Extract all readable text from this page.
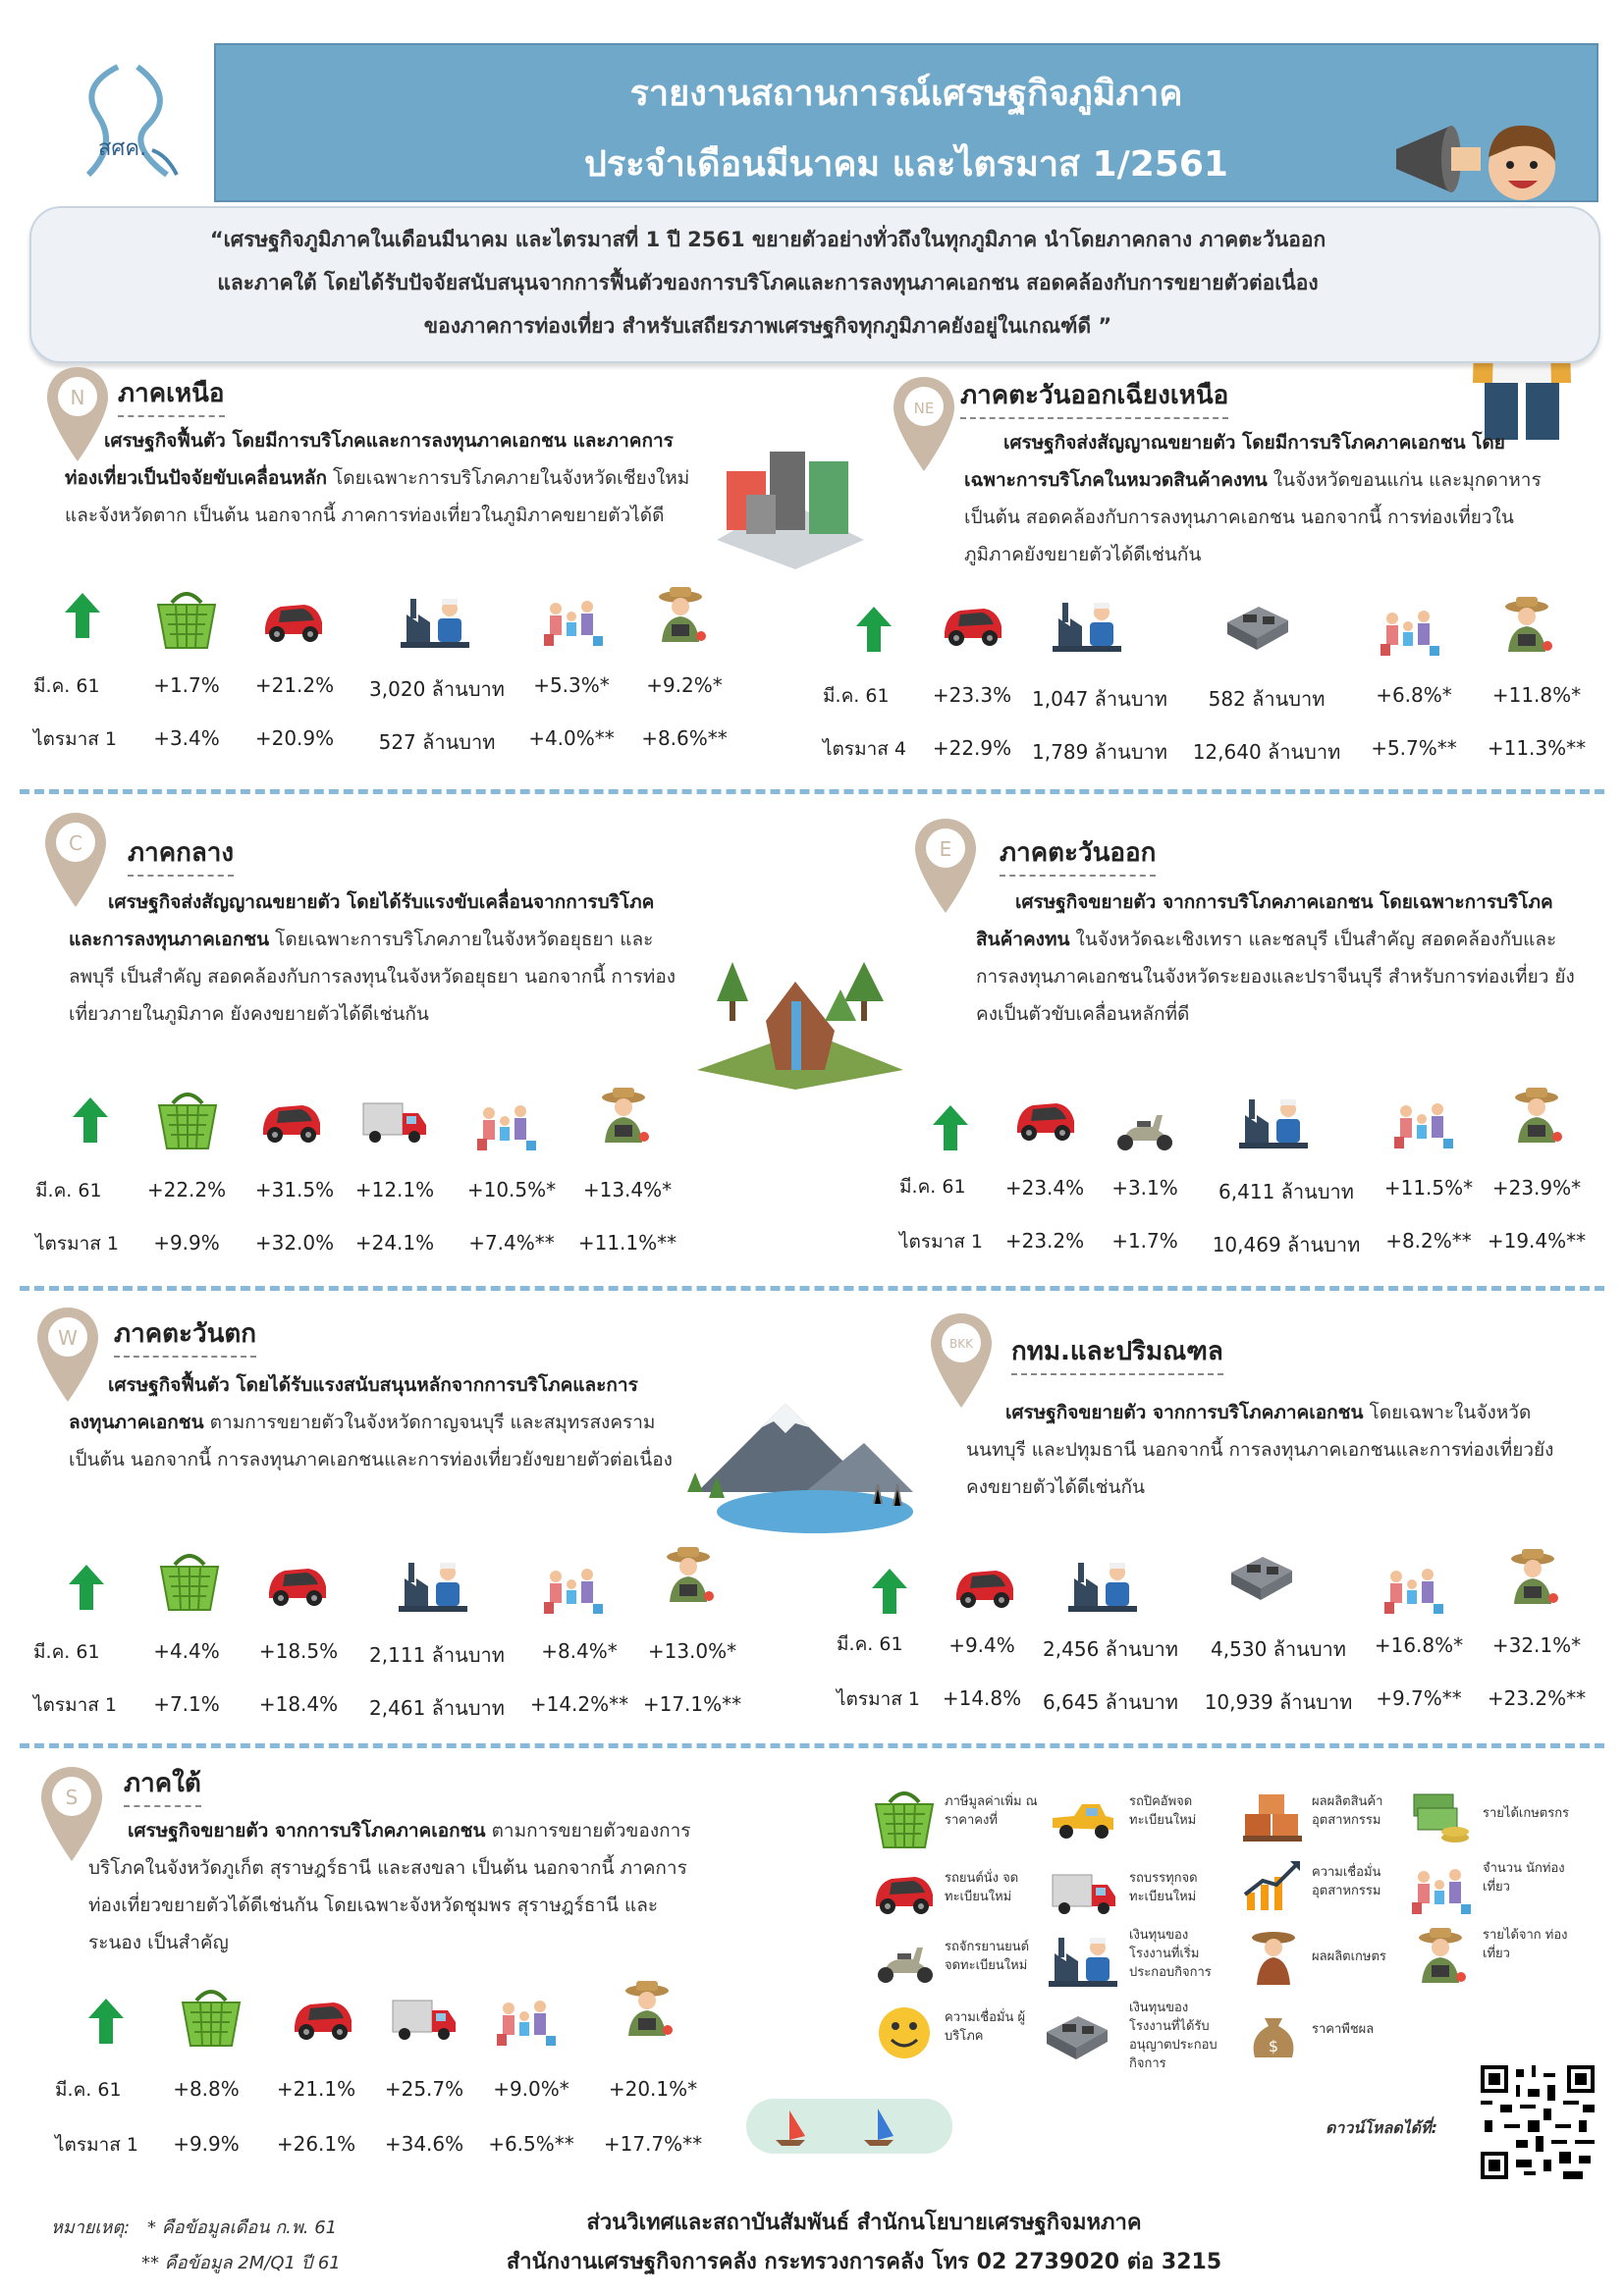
สศค.
รายงานสถานการณ์เศรษฐกิจภูมิภาค
ประจำเดือนมีนาคม และไตรมาส 1/2561
“เศรษฐกิจภูมิภาคในเดือนมีนาคม และไตรมาสที่ 1 ปี 2561 ขยายตัวอย่างทั่วถึงในทุกภูมิภาค นำโดยภาคกลาง ภาคตะวันออก
และภาคใต้ โดยได้รับปัจจัยสนับสนุนจากการฟื้นตัวของการบริโภคและการลงทุนภาคเอกชน สอดคล้องกับการขยายตัวต่อเนื่อง
ของภาคการท่องเที่ยว สำหรับเสถียรภาพเศรษฐกิจทุกภูมิภาคยังอยู่ในเกณฑ์ดี ”
N ภาคเหนือ
เศรษฐกิจฟื้นตัว โดยมีการบริโภคและการลงทุนภาคเอกชน และภาคการท่องเที่ยวเป็นปัจจัยขับเคลื่อนหลัก โดยเฉพาะการบริโภคภายในจังหวัดเชียงใหม่ และจังหวัดตาก เป็นต้น นอกจากนี้ ภาคการท่องเที่ยวในภูมิภาคขยายตัวได้ดี
มี.ค. 61
ไตรมาส 1
+1.7%	+21.2%	3,020 ล้านบาท	+5.3%*	+9.2%*
+3.4%	+20.9%	527 ล้านบาท	+4.0%**	+8.6%**
NE ภาคตะวันออกเฉียงเหนือ
เศรษฐกิจส่งสัญญาณขยายตัว โดยมีการบริโภคภาคเอกชน โดยเฉพาะการบริโภคในหมวดสินค้าคงทน ในจังหวัดขอนแก่น และมุกดาหาร เป็นต้น สอดคล้องกับการลงทุนภาคเอกชน นอกจากนี้ การท่องเที่ยวในภูมิภาคยังขยายตัวได้ดีเช่นกัน
มี.ค. 61
ไตรมาส 4
+23.3%	1,047 ล้านบาท	582 ล้านบาท	+6.8%*	+11.8%*
+22.9%	1,789 ล้านบาท	12,640 ล้านบาท	+5.7%**	+11.3%**
C ภาคกลาง
เศรษฐกิจส่งสัญญาณขยายตัว โดยได้รับแรงขับเคลื่อนจากการบริโภคและการลงทุนภาคเอกชน โดยเฉพาะการบริโภคภายในจังหวัดอยุธยา และลพบุรี เป็นสำคัญ สอดคล้องกับการลงทุนในจังหวัดอยุธยา นอกจากนี้ การท่องเที่ยวภายในภูมิภาค ยังคงขยายตัวได้ดีเช่นกัน
มี.ค. 61
ไตรมาส 1
+22.2%	+31.5%	+12.1%	+10.5%*	+13.4%*
+9.9%	+32.0%	+24.1%	+7.4%**	+11.1%**
E ภาคตะวันออก
เศรษฐกิจขยายตัว จากการบริโภคภาคเอกชน โดยเฉพาะการบริโภคสินค้าคงทน ในจังหวัดฉะเชิงเทรา และชลบุรี เป็นสำคัญ สอดคล้องกับและการลงทุนภาคเอกชนในจังหวัดระยองและปราจีนบุรี สำหรับการท่องเที่ยว ยังคงเป็นตัวขับเคลื่อนหลักที่ดี
มี.ค. 61
ไตรมาส 1
+23.4%	+3.1%	6,411 ล้านบาท	+11.5%* +23.9%*
+23.2%	+1.7%	10,469 ล้านบาท	+8.2%** +19.4%**
W ภาคตะวันตก
เศรษฐกิจฟื้นตัว โดยได้รับแรงสนับสนุนหลักจากการบริโภคและการลงทุนภาคเอกชน ตามการขยายตัวในจังหวัดกาญจนบุรี และสมุทรสงคราม เป็นต้น นอกจากนี้ การลงทุนภาคเอกชนและการท่องเที่ยวยังขยายตัวต่อเนื่อง
มี.ค. 61
ไตรมาส 1
+4.4%	+18.5%	2,111 ล้านบาท	+8.4%*	+13.0%*
+7.1%	+18.4%	2,461 ล้านบาท	+14.2%** +17.1%**
BKK กทม.และปริมณฑล
เศรษฐกิจขยายตัว จากการบริโภคภาคเอกชน โดยเฉพาะในจังหวัดนนทบุรี และปทุมธานี นอกจากนี้ การลงทุนภาคเอกชนและการท่องเที่ยวยังคงขยายตัวได้ดีเช่นกัน
มี.ค. 61
ไตรมาส 1
+9.4%	2,456 ล้านบาท	4,530 ล้านบาท	+16.8%*	+32.1%*
+14.8%	6,645 ล้านบาท	10,939 ล้านบาท	+9.7%**	+23.2%**
S ภาคใต้
เศรษฐกิจขยายตัว จากการบริโภคภาคเอกชน ตามการขยายตัวของการบริโภคในจังหวัดภูเก็ต สุราษฎร์ธานี และสงขลา เป็นต้น นอกจากนี้ ภาคการท่องเที่ยวขยายตัวได้ดีเช่นกัน โดยเฉพาะจังหวัดชุมพร สุราษฎร์ธานี และระนอง เป็นสำคัญ
มี.ค. 61
ไตรมาส 1
+8.8%	+21.1%	+25.7%	+9.0%*	+20.1%*
+9.9%	+26.1%	+34.6%	+6.5%**	+17.7%**
ภาษีมูลค่าเพิ่ม ณ ราคาคงที่
รถยนต์นั่ง จดทะเบียนใหม่
รถจักรยานยนต์ จดทะเบียนใหม่
ความเชื่อมั่น ผู้บริโภค
รถปิคอัพจด ทะเบียนใหม่
รถบรรทุกจด ทะเบียนใหม่
เงินทุนของ โรงงานที่เริ่ม ประกอบกิจการ
เงินทุนของ โรงงานที่ได้รับ อนุญาตประกอบ กิจการ
ผลผลิตสินค้า อุตสาหกรรม
ความเชื่อมั่น อุตสาหกรรม
ผลผลิตเกษตร
ราคาพืชผล
รายได้เกษตรกร
จำนวน นักท่องเที่ยว
รายได้จาก ท่องเที่ยว
ดาวน์โหลดได้ที่:
หมายเหตุ: * คือข้อมูลเดือน ก.พ. 61
** คือข้อมูล 2M/Q1 ปี 61
ส่วนวิเทศและสถาบันสัมพันธ์ สำนักนโยบายเศรษฐกิจมหภาค
สำนักงานเศรษฐกิจการคลัง กระทรวงการคลัง โทร 02 2739020 ต่อ 3215
